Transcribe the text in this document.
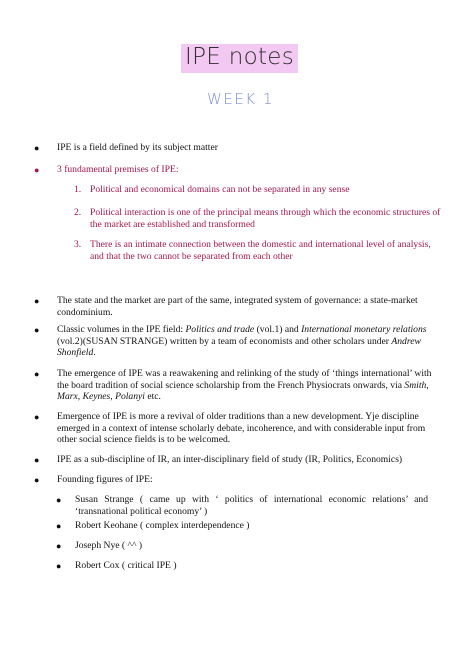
IPE notes
WEEK 1
● IPE is a field defined by its subject matter
● 3 fundamental premises of IPE:
1. Political and economical domains can not be separated in any sense
2. Political interaction is one of the principal means through which the economic structures of the market are established and transformed
3. There is an intimate connection between the domestic and international level of analysis, and that the two cannot be separated from each other
● The state and the market are part of the same, integrated system of governance: a state-market condominium.
● Classic volumes in the IPE field: Politics and trade (vol.1) and International monetary relations (vol.2)(SUSAN STRANGE) written by a team of economists and other scholars under Andrew Shonfield.
● The emergence of IPE was a reawakening and relinking of the study of ‘things international’ with the board tradition of social science scholarship from the French Physiocrats onwards, via Smith, Marx, Keynes, Polanyi etc.
● Emergence of IPE is more a revival of older traditions than a new development. Yje discipline emerged in a context of intense scholarly debate, incoherence, and with considerable input from other social science fields is to be welcomed.
● IPE as a sub-discipline of IR, an inter-disciplinary field of study (IR, Politics, Economics)
● Founding figures of IPE:
● Susan Strange ( came up with ‘ politics of international economic relations’ and ‘transnational political economy’ )
● Robert Keohane ( complex interdependence )
● Joseph Nye ( ^^ )
● Robert Cox ( critical IPE )
